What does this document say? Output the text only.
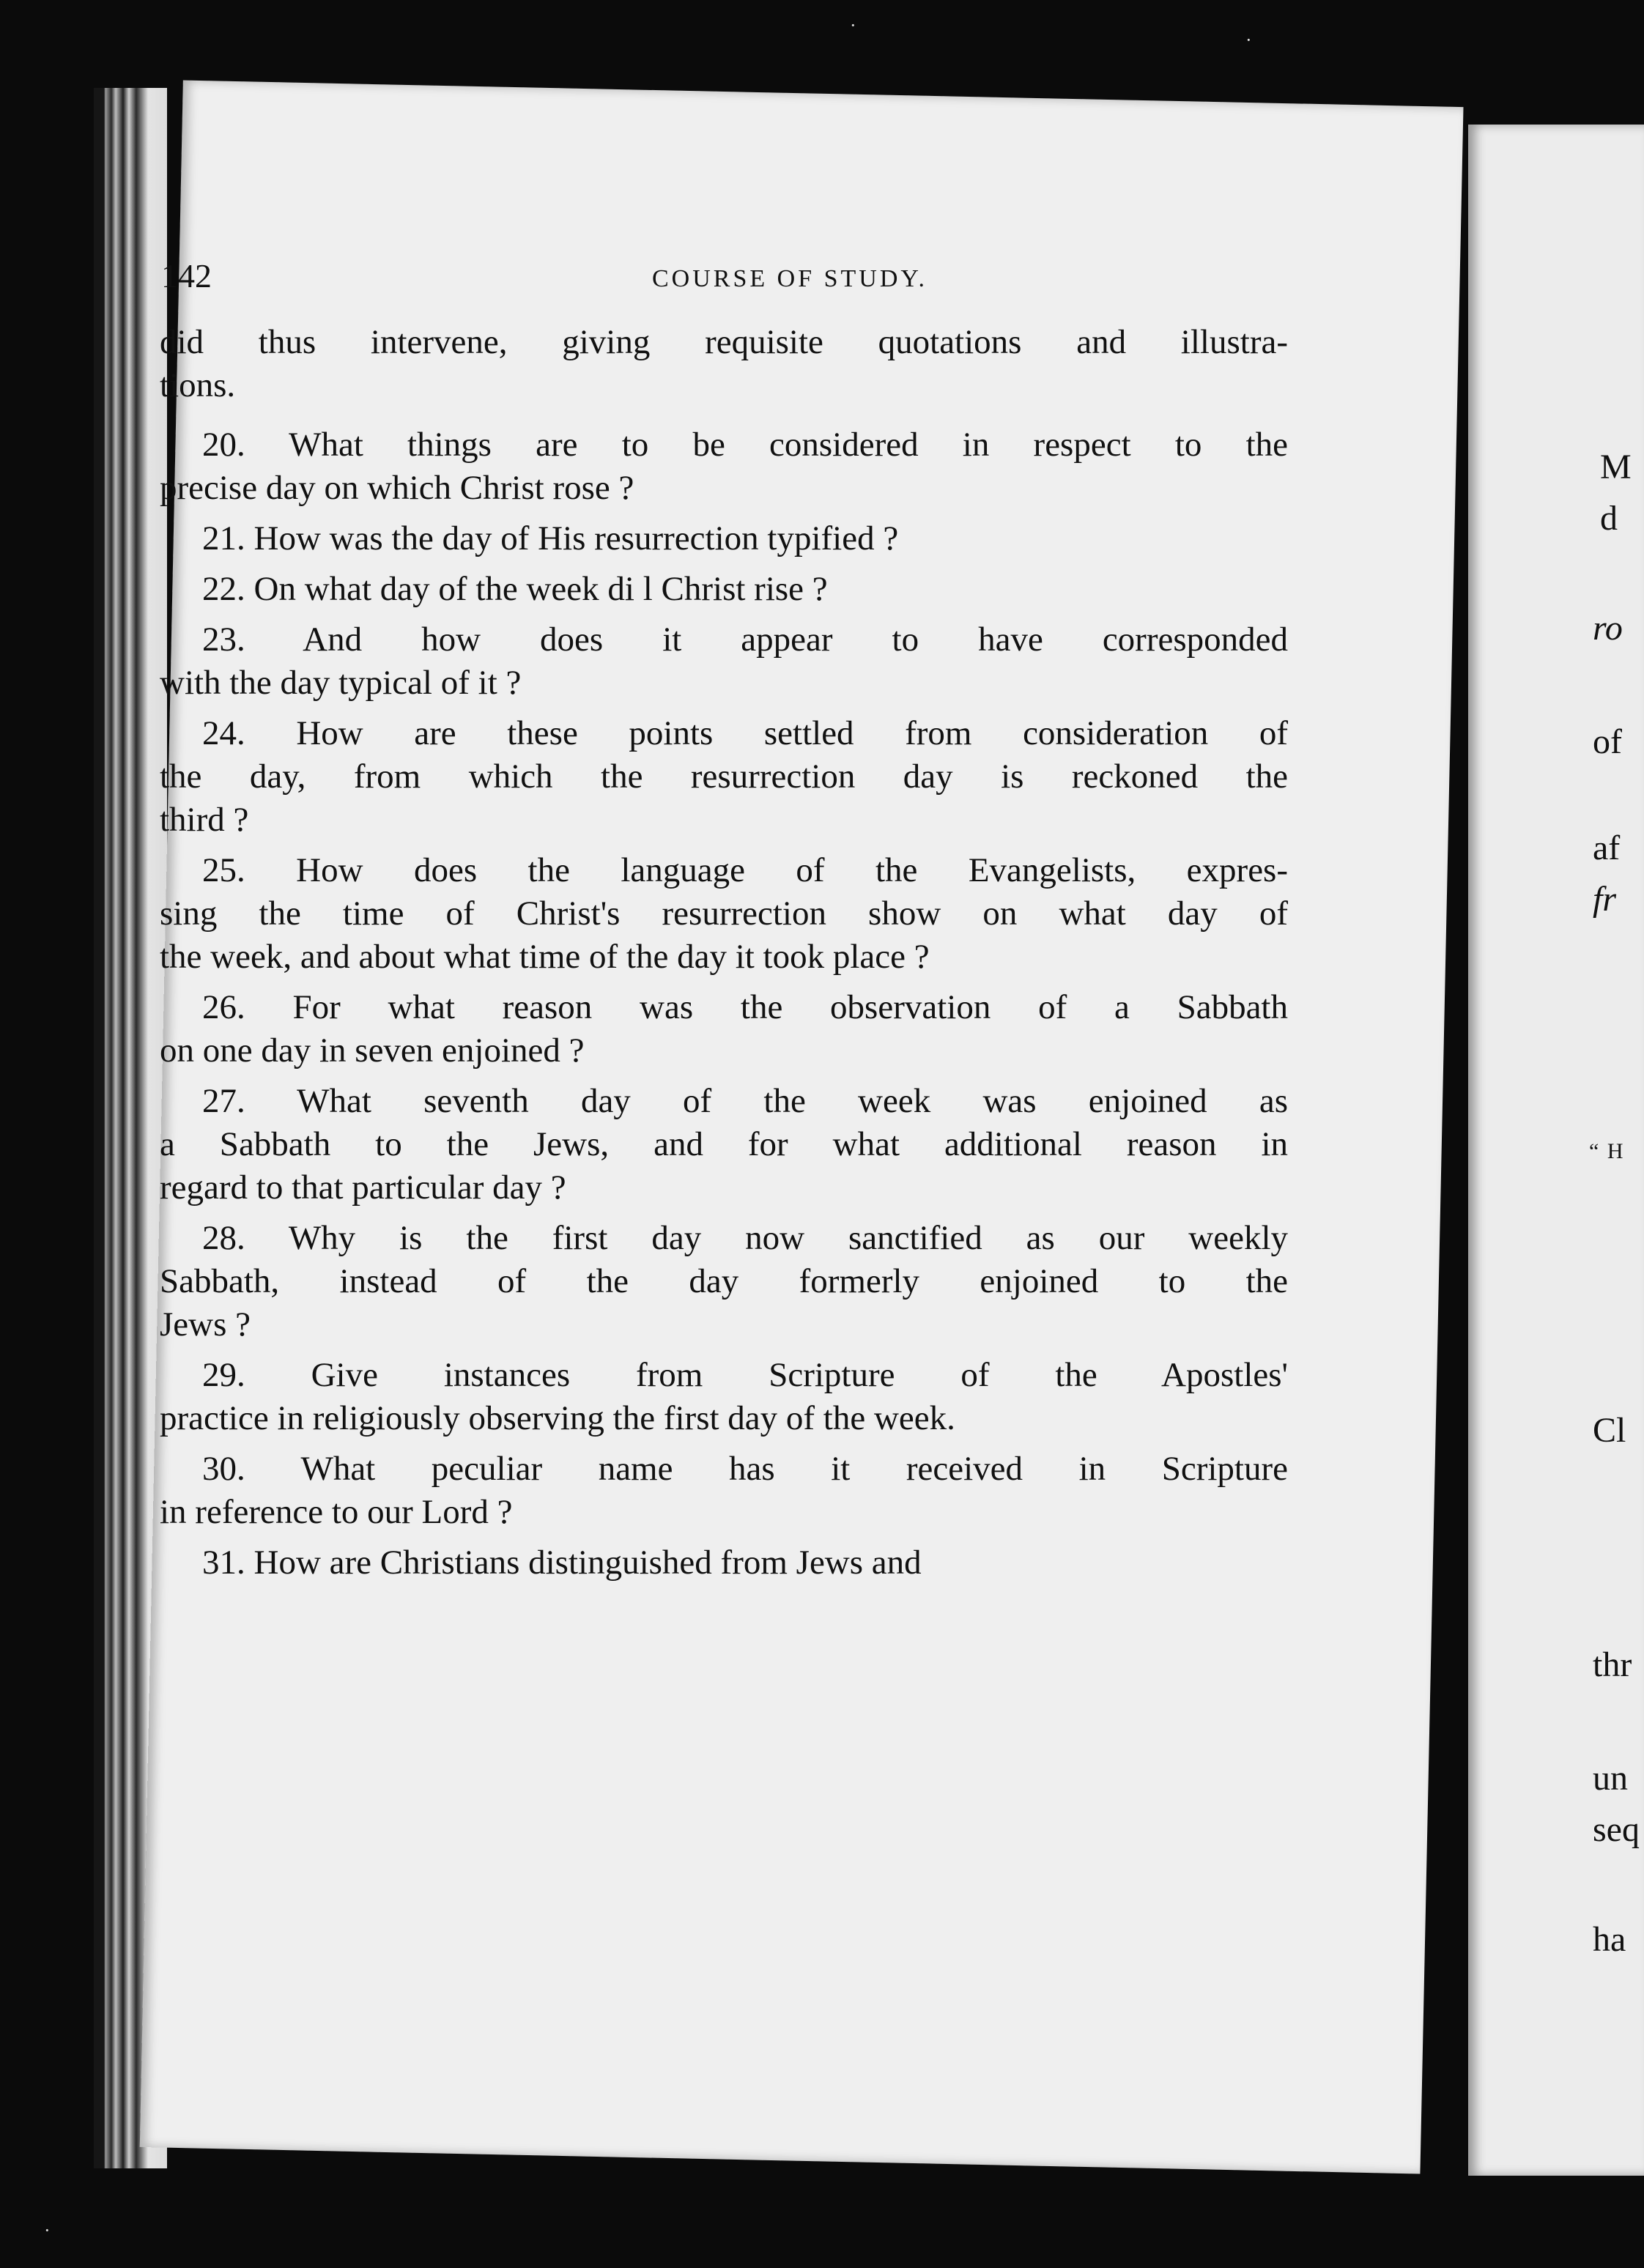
M
d
ro
of
af
fr
“ H
Cl
thr
un
seq
ha
142	COURSE OF STUDY.
did thus intervene, giving requisite quotations and illustra-
tions.
20. What things are to be considered in respect to the
precise day on which Christ rose ?
21. How was the day of His resurrection typified ?
22. On what day of the week di l Christ rise ?
23. And how does it appear to have corresponded
with the day typical of it ?
24. How are these points settled from consideration of
the day, from which the resurrection day is reckoned the
third ?
25. How does the language of the Evangelists, expres-
sing the time of Christ's resurrection show on what day of
the week, and about what time of the day it took place ?
26. For what reason was the observation of a Sabbath
on one day in seven enjoined ?
27. What seventh day of the week was enjoined as
a Sabbath to the Jews, and for what additional reason in
regard to that particular day ?
28. Why is the first day now sanctified as our weekly
Sabbath, instead of the day formerly enjoined to the
Jews ?
29. Give instances from Scripture of the Apostles'
practice in religiously observing the first day of the week.
30. What peculiar name has it received in Scripture
in reference to our Lord ?
31. How are Christians distinguished from Jews and
·
·
·
